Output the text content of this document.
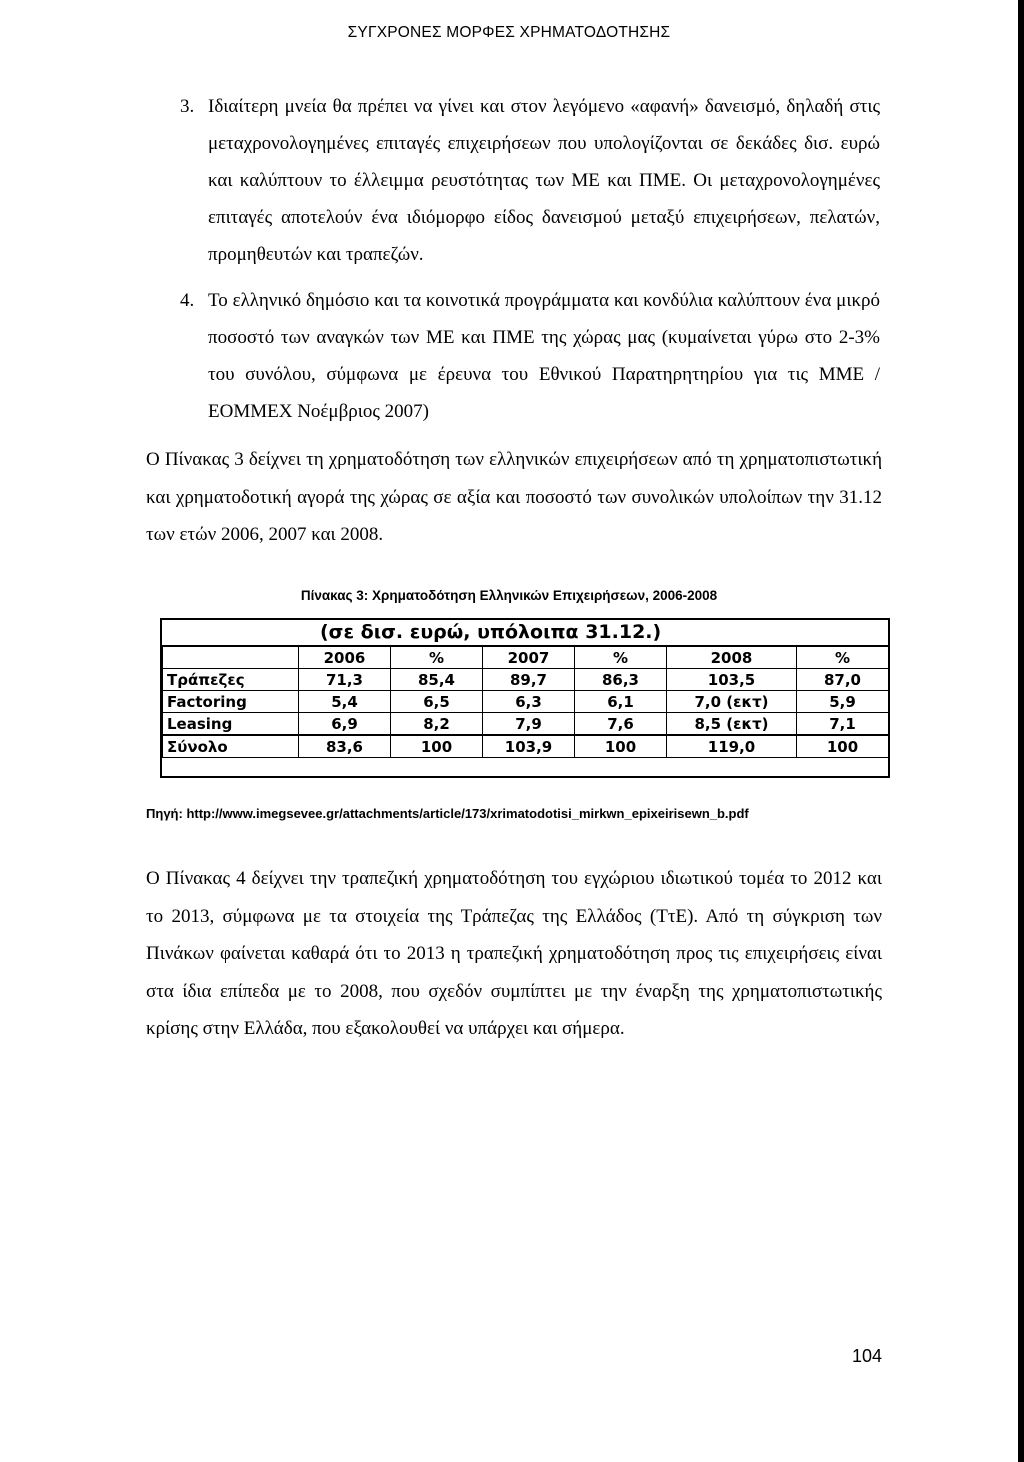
ΣΥΓΧΡΟΝΕΣ ΜΟΡΦΕΣ ΧΡΗΜΑΤΟΔΟΤΗΣΗΣ
3. Ιδιαίτερη μνεία θα πρέπει να γίνει και στον λεγόμενο «αφανή» δανεισμό, δηλαδή στις μεταχρονολογημένες επιταγές επιχειρήσεων που υπολογίζονται σε δεκάδες δισ. ευρώ και καλύπτουν το έλλειμμα ρευστότητας των ΜΕ και ΠΜΕ. Οι μεταχρονολογημένες επιταγές αποτελούν ένα ιδιόμορφο είδος δανεισμού μεταξύ επιχειρήσεων, πελατών, προμηθευτών και τραπεζών.
4. Το ελληνικό δημόσιο και τα κοινοτικά προγράμματα και κονδύλια καλύπτουν ένα μικρό ποσοστό των αναγκών των ΜΕ και ΠΜΕ της χώρας μας (κυμαίνεται γύρω στο 2-3% του συνόλου, σύμφωνα με έρευνα του Εθνικού Παρατηρητηρίου για τις ΜΜΕ / ΕΟΜΜΕΧ Νοέμβριος 2007)
Ο Πίνακας 3 δείχνει τη χρηματοδότηση των ελληνικών επιχειρήσεων από τη χρηματοπιστωτική και χρηματοδοτική αγορά της χώρας σε αξία και ποσοστό των συνολικών υπολοίπων την 31.12 των ετών 2006, 2007 και 2008.
Πίνακας 3: Χρηματοδότηση Ελληνικών Επιχειρήσεων, 2006-2008
(σε δισ. ευρώ, υπόλοιπα 31.12.)
	2006	%	2007	%	2008	%
Τράπεζες	71,3	85,4	89,7	86,3	103,5	87,0
Factoring	5,4	6,5	6,3	6,1	7,0 (εκτ)	5,9
Leasing	6,9	8,2	7,9	7,6	8,5 (εκτ)	7,1
Σύνολο	83,6	100	103,9	100	119,0	100
Πηγή: http://www.imegsevee.gr/attachments/article/173/xrimatodotisi_mirkwn_epixeirisewn_b.pdf
Ο Πίνακας 4 δείχνει την τραπεζική χρηματοδότηση του εγχώριου ιδιωτικού τομέα το 2012 και το 2013, σύμφωνα με τα στοιχεία της Τράπεζας της Ελλάδος (ΤτΕ). Από τη σύγκριση των Πινάκων φαίνεται καθαρά ότι το 2013 η τραπεζική χρηματοδότηση προς τις επιχειρήσεις είναι στα ίδια επίπεδα με το 2008, που σχεδόν συμπίπτει με την έναρξη της χρηματοπιστωτικής κρίσης στην Ελλάδα, που εξακολουθεί να υπάρχει και σήμερα.
104
